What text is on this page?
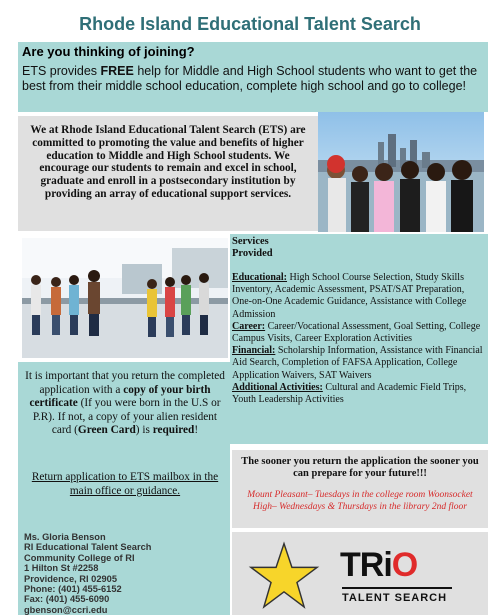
Rhode Island Educational Talent Search
Are you thinking of joining?
ETS provides FREE help for Middle and High School students who want to get the best from their middle school education, complete high school and go to college!
We at Rhode Island Educational Talent Search (ETS) are committed to promoting the value and benefits of higher education to Middle and High School students. We encourage our students to remain and excel in school, graduate and enroll in a postsecondary institution by providing an array of educational support services.
Services Provided
Educational: High School Course Selection, Study Skills Inventory, Academic Assessment, PSAT/SAT Preparation, One-on-One Academic Guidance, Assistance with College Admission
Career: Career/Vocational Assessment, Goal Setting, College Campus Visits, Career Exploration Activities
Financial: Scholarship Information, Assistance with Financial Aid Search, Completion of FAFSA Application, College Application Waivers, SAT Waivers
Additional Activities: Cultural and Academic Field Trips, Youth Leadership Activities
It is important that you return the completed application with a copy of your birth certificate (If you were born in the U.S or P.R). If not, a copy of your alien resident card (Green Card) is required!
Return application to ETS mailbox in the main office or guidance.
The sooner you return the application the sooner you can prepare for your future!!!
Mount Pleasant– Tuesdays in the college room Woonsocket High– Wednesdays & Thursdays in the library 2nd floor
Ms. Gloria Benson
RI Educational Talent Search
Community College of RI
1 Hilton St #2258
Providence, RI 02905
Phone: (401) 455-6152
Fax: (401) 455-6090
gbenson@ccri.edu
TRiO
TALENT SEARCH
